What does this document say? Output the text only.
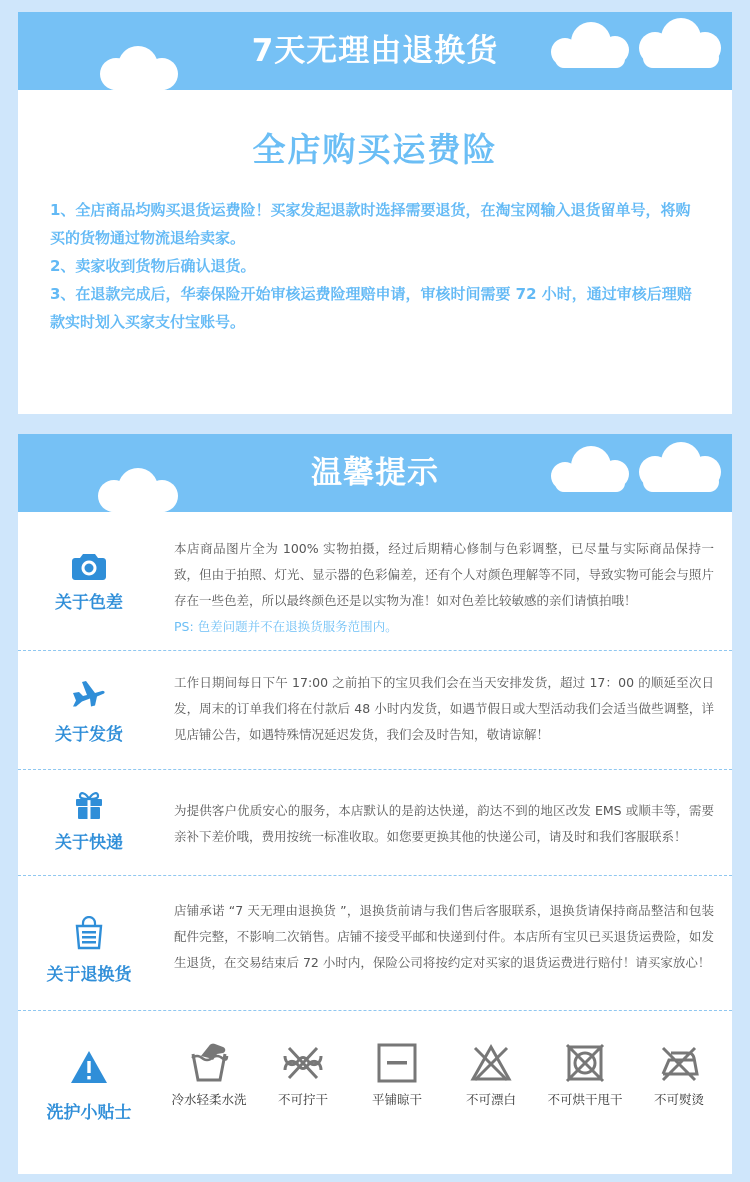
7天无理由退换货
全店购买运费险

1、全店商品均购买退货运费险！买家发起退款时选择需要退货，在淘宝网输入退货留单号，将购买的货物通过物流退给卖家。

2、卖家收到货物后确认退货。

3、在退款完成后，华泰保险开始审核运费险理赔申请，审核时间需要 72 小时，通过审核后理赔款实时划入买家支付宝账号。

温馨提示
关于色差
本店商品图片全为 100% 实物拍摄，经过后期精心修制与色彩调整，已尽量与实际商品保持一致，但由于拍照、灯光、显示器的色彩偏差，还有个人对颜色理解等不同，导致实物可能会与照片存在一些色差，所以最终颜色还是以实物为准！如对色差比较敏感的亲们请慎拍哦！
PS: 色差问题并不在退换货服务范围内。
关于发货
工作日期间每日下午 17:00 之前拍下的宝贝我们会在当天安排发货，超过 17：00 的顺延至次日发，周末的订单我们将在付款后 48 小时内发货，如遇节假日或大型活动我们会适当做些调整，详见店铺公告，如遇特殊情况延迟发货，我们会及时告知，敬请谅解！
关于快递
为提供客户优质安心的服务，本店默认的是韵达快递，韵达不到的地区改发 EMS 或顺丰等，需要亲补下差价哦，费用按统一标准收取。如您要更换其他的快递公司，请及时和我们客服联系！
关于退换货
店铺承诺 “7 天无理由退换货 ”，退换货前请与我们售后客服联系，退换货请保持商品整洁和包装配件完整，不影响二次销售。店铺不接受平邮和快递到付件。本店所有宝贝已买退货运费险，如发生退货，在交易结束后 72 小时内，保险公司将按约定对买家的退货运费进行赔付！请买家放心！
洗护小贴士
冷水轻柔水洗	不可拧干	平铺晾干	不可漂白	不可烘干甩干	不可熨烫
